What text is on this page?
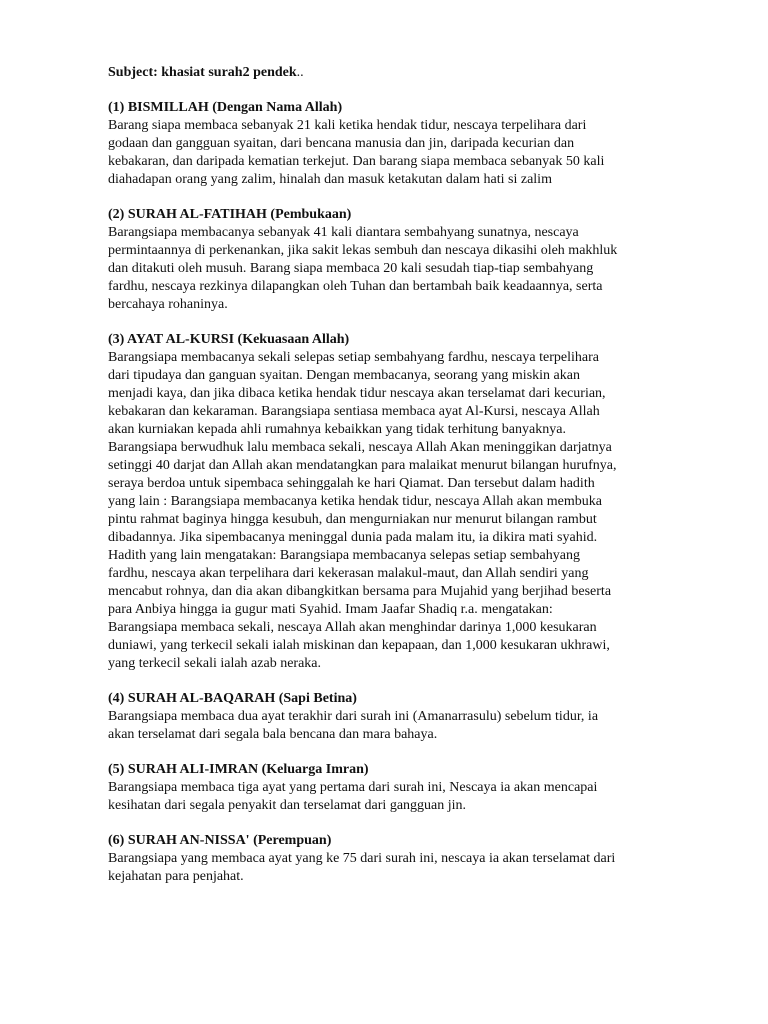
Subject: khasiat surah2 pendek..

(1) BISMILLAH (Dengan Nama Allah)

Barang siapa membaca sebanyak 21 kali ketika hendak tidur, nescaya terpelihara dari

godaan dan gangguan syaitan, dari bencana manusia dan jin, daripada kecurian dan

kebakaran, dan daripada kematian terkejut. Dan barang siapa membaca sebanyak 50 kali

diahadapan orang yang zalim, hinalah dan masuk ketakutan dalam hati si zalim

(2) SURAH AL-FATIHAH (Pembukaan)

Barangsiapa membacanya sebanyak 41 kali diantara sembahyang sunatnya, nescaya

permintaannya di perkenankan, jika sakit lekas sembuh dan nescaya dikasihi oleh makhluk

dan ditakuti oleh musuh. Barang siapa membaca 20 kali sesudah tiap-tiap sembahyang

fardhu, nescaya rezkinya dilapangkan oleh Tuhan dan bertambah baik keadaannya, serta

bercahaya rohaninya.

(3) AYAT AL-KURSI (Kekuasaan Allah)

Barangsiapa membacanya sekali selepas setiap sembahyang fardhu, nescaya terpelihara

dari tipudaya dan ganguan syaitan. Dengan membacanya, seorang yang miskin akan

menjadi kaya, dan jika dibaca ketika hendak tidur nescaya akan terselamat dari kecurian,

kebakaran dan kekaraman. Barangsiapa sentiasa membaca ayat Al-Kursi, nescaya Allah

akan kurniakan kepada ahli rumahnya kebaikkan yang tidak terhitung banyaknya.

Barangsiapa berwudhuk lalu membaca sekali, nescaya Allah Akan meninggikan darjatnya

setinggi 40 darjat dan Allah akan mendatangkan para malaikat menurut bilangan hurufnya,

seraya berdoa untuk sipembaca sehinggalah ke hari Qiamat. Dan tersebut dalam hadith

yang lain : Barangsiapa membacanya ketika hendak tidur, nescaya Allah akan membuka

pintu rahmat baginya hingga kesubuh, dan mengurniakan nur menurut bilangan rambut

dibadannya. Jika sipembacanya meninggal dunia pada malam itu, ia dikira mati syahid.

Hadith yang lain mengatakan: Barangsiapa membacanya selepas setiap sembahyang

fardhu, nescaya akan terpelihara dari kekerasan malakul-maut, dan Allah sendiri yang

mencabut rohnya, dan dia akan dibangkitkan bersama para Mujahid yang berjihad beserta

para Anbiya hingga ia gugur mati Syahid. Imam Jaafar Shadiq r.a. mengatakan:

Barangsiapa membaca sekali, nescaya Allah akan menghindar darinya 1,000 kesukaran

duniawi, yang terkecil sekali ialah miskinan dan kepapaan, dan 1,000 kesukaran ukhrawi,

yang terkecil sekali ialah azab neraka.

(4) SURAH AL-BAQARAH (Sapi Betina)

Barangsiapa membaca dua ayat terakhir dari surah ini (Amanarrasulu) sebelum tidur, ia

akan terselamat dari segala bala bencana dan mara bahaya.

(5) SURAH ALI-IMRAN (Keluarga Imran)

Barangsiapa membaca tiga ayat yang pertama dari surah ini, Nescaya ia akan mencapai

kesihatan dari segala penyakit dan terselamat dari gangguan jin.

(6) SURAH AN-NISSA' (Perempuan)

Barangsiapa yang membaca ayat yang ke 75 dari surah ini, nescaya ia akan terselamat dari

kejahatan para penjahat.
